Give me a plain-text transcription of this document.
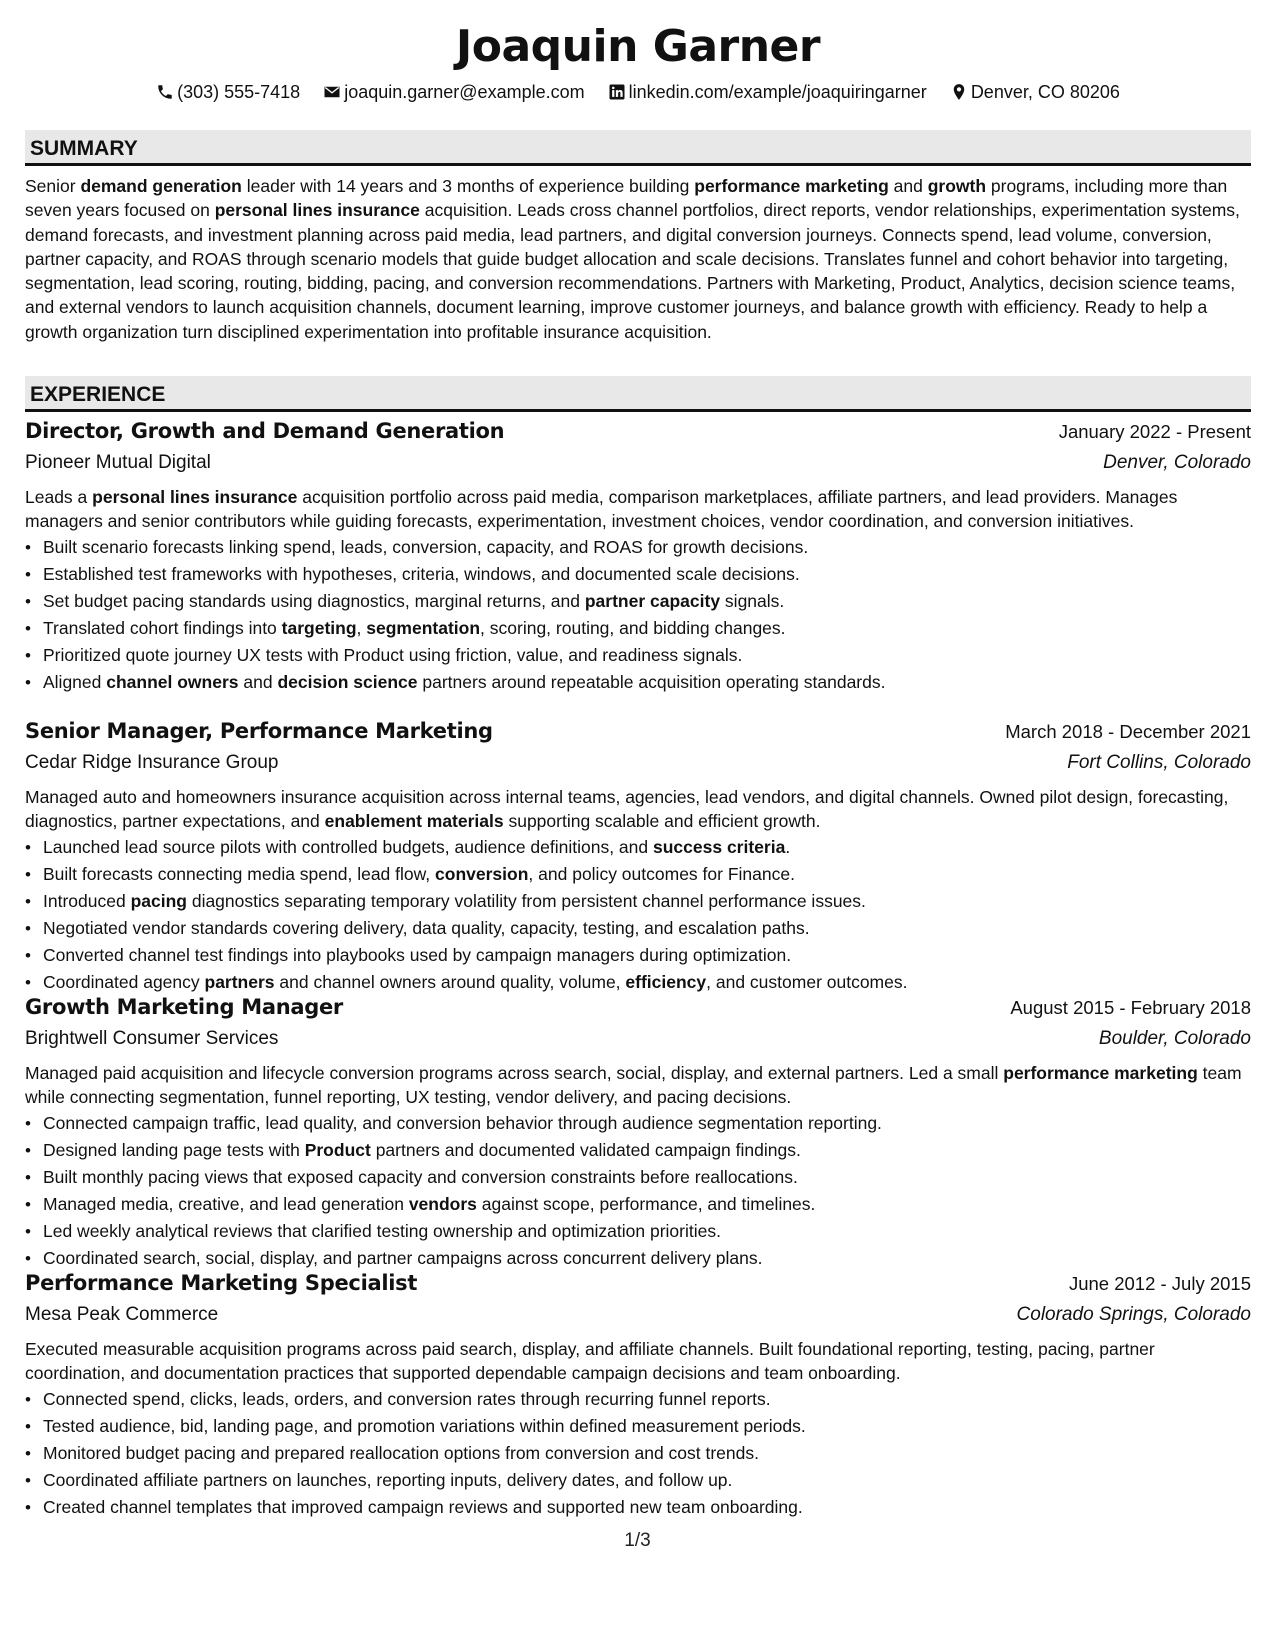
Joaquin Garner
(303) 555-7418 joaquin.garner@example.com linkedin.com/example/joaquiringarner Denver, CO 80206
SUMMARY

Senior demand generation leader with 14 years and 3 months of experience building performance marketing and growth programs, including more than seven years focused on personal lines insurance acquisition. Leads cross channel portfolios, direct reports, vendor relationships, experimentation systems, demand forecasts, and investment planning across paid media, lead partners, and digital conversion journeys. Connects spend, lead volume, conversion, partner capacity, and ROAS through scenario models that guide budget allocation and scale decisions. Translates funnel and cohort behavior into targeting, segmentation, lead scoring, routing, bidding, pacing, and conversion recommendations. Partners with Marketing, Product, Analytics, decision science teams, and external vendors to launch acquisition channels, document learning, improve customer journeys, and balance growth with efficiency. Ready to help a growth organization turn disciplined experimentation into profitable insurance acquisition.

EXPERIENCE
Director, Growth and Demand Generation	January 2022 - Present
Pioneer Mutual Digital	Denver, Colorado
Leads a personal lines insurance acquisition portfolio across paid media, comparison marketplaces, affiliate partners, and lead providers. Manages managers and senior contributors while guiding forecasts, experimentation, investment choices, vendor coordination, and conversion initiatives.
• Built scenario forecasts linking spend, leads, conversion, capacity, and ROAS for growth decisions.
• Established test frameworks with hypotheses, criteria, windows, and documented scale decisions.
• Set budget pacing standards using diagnostics, marginal returns, and partner capacity signals.
• Translated cohort findings into targeting, segmentation, scoring, routing, and bidding changes.
• Prioritized quote journey UX tests with Product using friction, value, and readiness signals.
• Aligned channel owners and decision science partners around repeatable acquisition operating standards.
Senior Manager, Performance Marketing	March 2018 - December 2021
Cedar Ridge Insurance Group	Fort Collins, Colorado
Managed auto and homeowners insurance acquisition across internal teams, agencies, lead vendors, and digital channels. Owned pilot design, forecasting, diagnostics, partner expectations, and enablement materials supporting scalable and efficient growth.
• Launched lead source pilots with controlled budgets, audience definitions, and success criteria.
• Built forecasts connecting media spend, lead flow, conversion, and policy outcomes for Finance.
• Introduced pacing diagnostics separating temporary volatility from persistent channel performance issues.
• Negotiated vendor standards covering delivery, data quality, capacity, testing, and escalation paths.
• Converted channel test findings into playbooks used by campaign managers during optimization.
• Coordinated agency partners and channel owners around quality, volume, efficiency, and customer outcomes.
Growth Marketing Manager	August 2015 - February 2018
Brightwell Consumer Services	Boulder, Colorado
Managed paid acquisition and lifecycle conversion programs across search, social, display, and external partners. Led a small performance marketing team while connecting segmentation, funnel reporting, UX testing, vendor delivery, and pacing decisions.
• Connected campaign traffic, lead quality, and conversion behavior through audience segmentation reporting.
• Designed landing page tests with Product partners and documented validated campaign findings.
• Built monthly pacing views that exposed capacity and conversion constraints before reallocations.
• Managed media, creative, and lead generation vendors against scope, performance, and timelines.
• Led weekly analytical reviews that clarified testing ownership and optimization priorities.
• Coordinated search, social, display, and partner campaigns across concurrent delivery plans.
Performance Marketing Specialist	June 2012 - July 2015
Mesa Peak Commerce	Colorado Springs, Colorado
Executed measurable acquisition programs across paid search, display, and affiliate channels. Built foundational reporting, testing, pacing, partner coordination, and documentation practices that supported dependable campaign decisions and team onboarding.
• Connected spend, clicks, leads, orders, and conversion rates through recurring funnel reports.
• Tested audience, bid, landing page, and promotion variations within defined measurement periods.
• Monitored budget pacing and prepared reallocation options from conversion and cost trends.
• Coordinated affiliate partners on launches, reporting inputs, delivery dates, and follow up.
• Created channel templates that improved campaign reviews and supported new team onboarding.
1/3
